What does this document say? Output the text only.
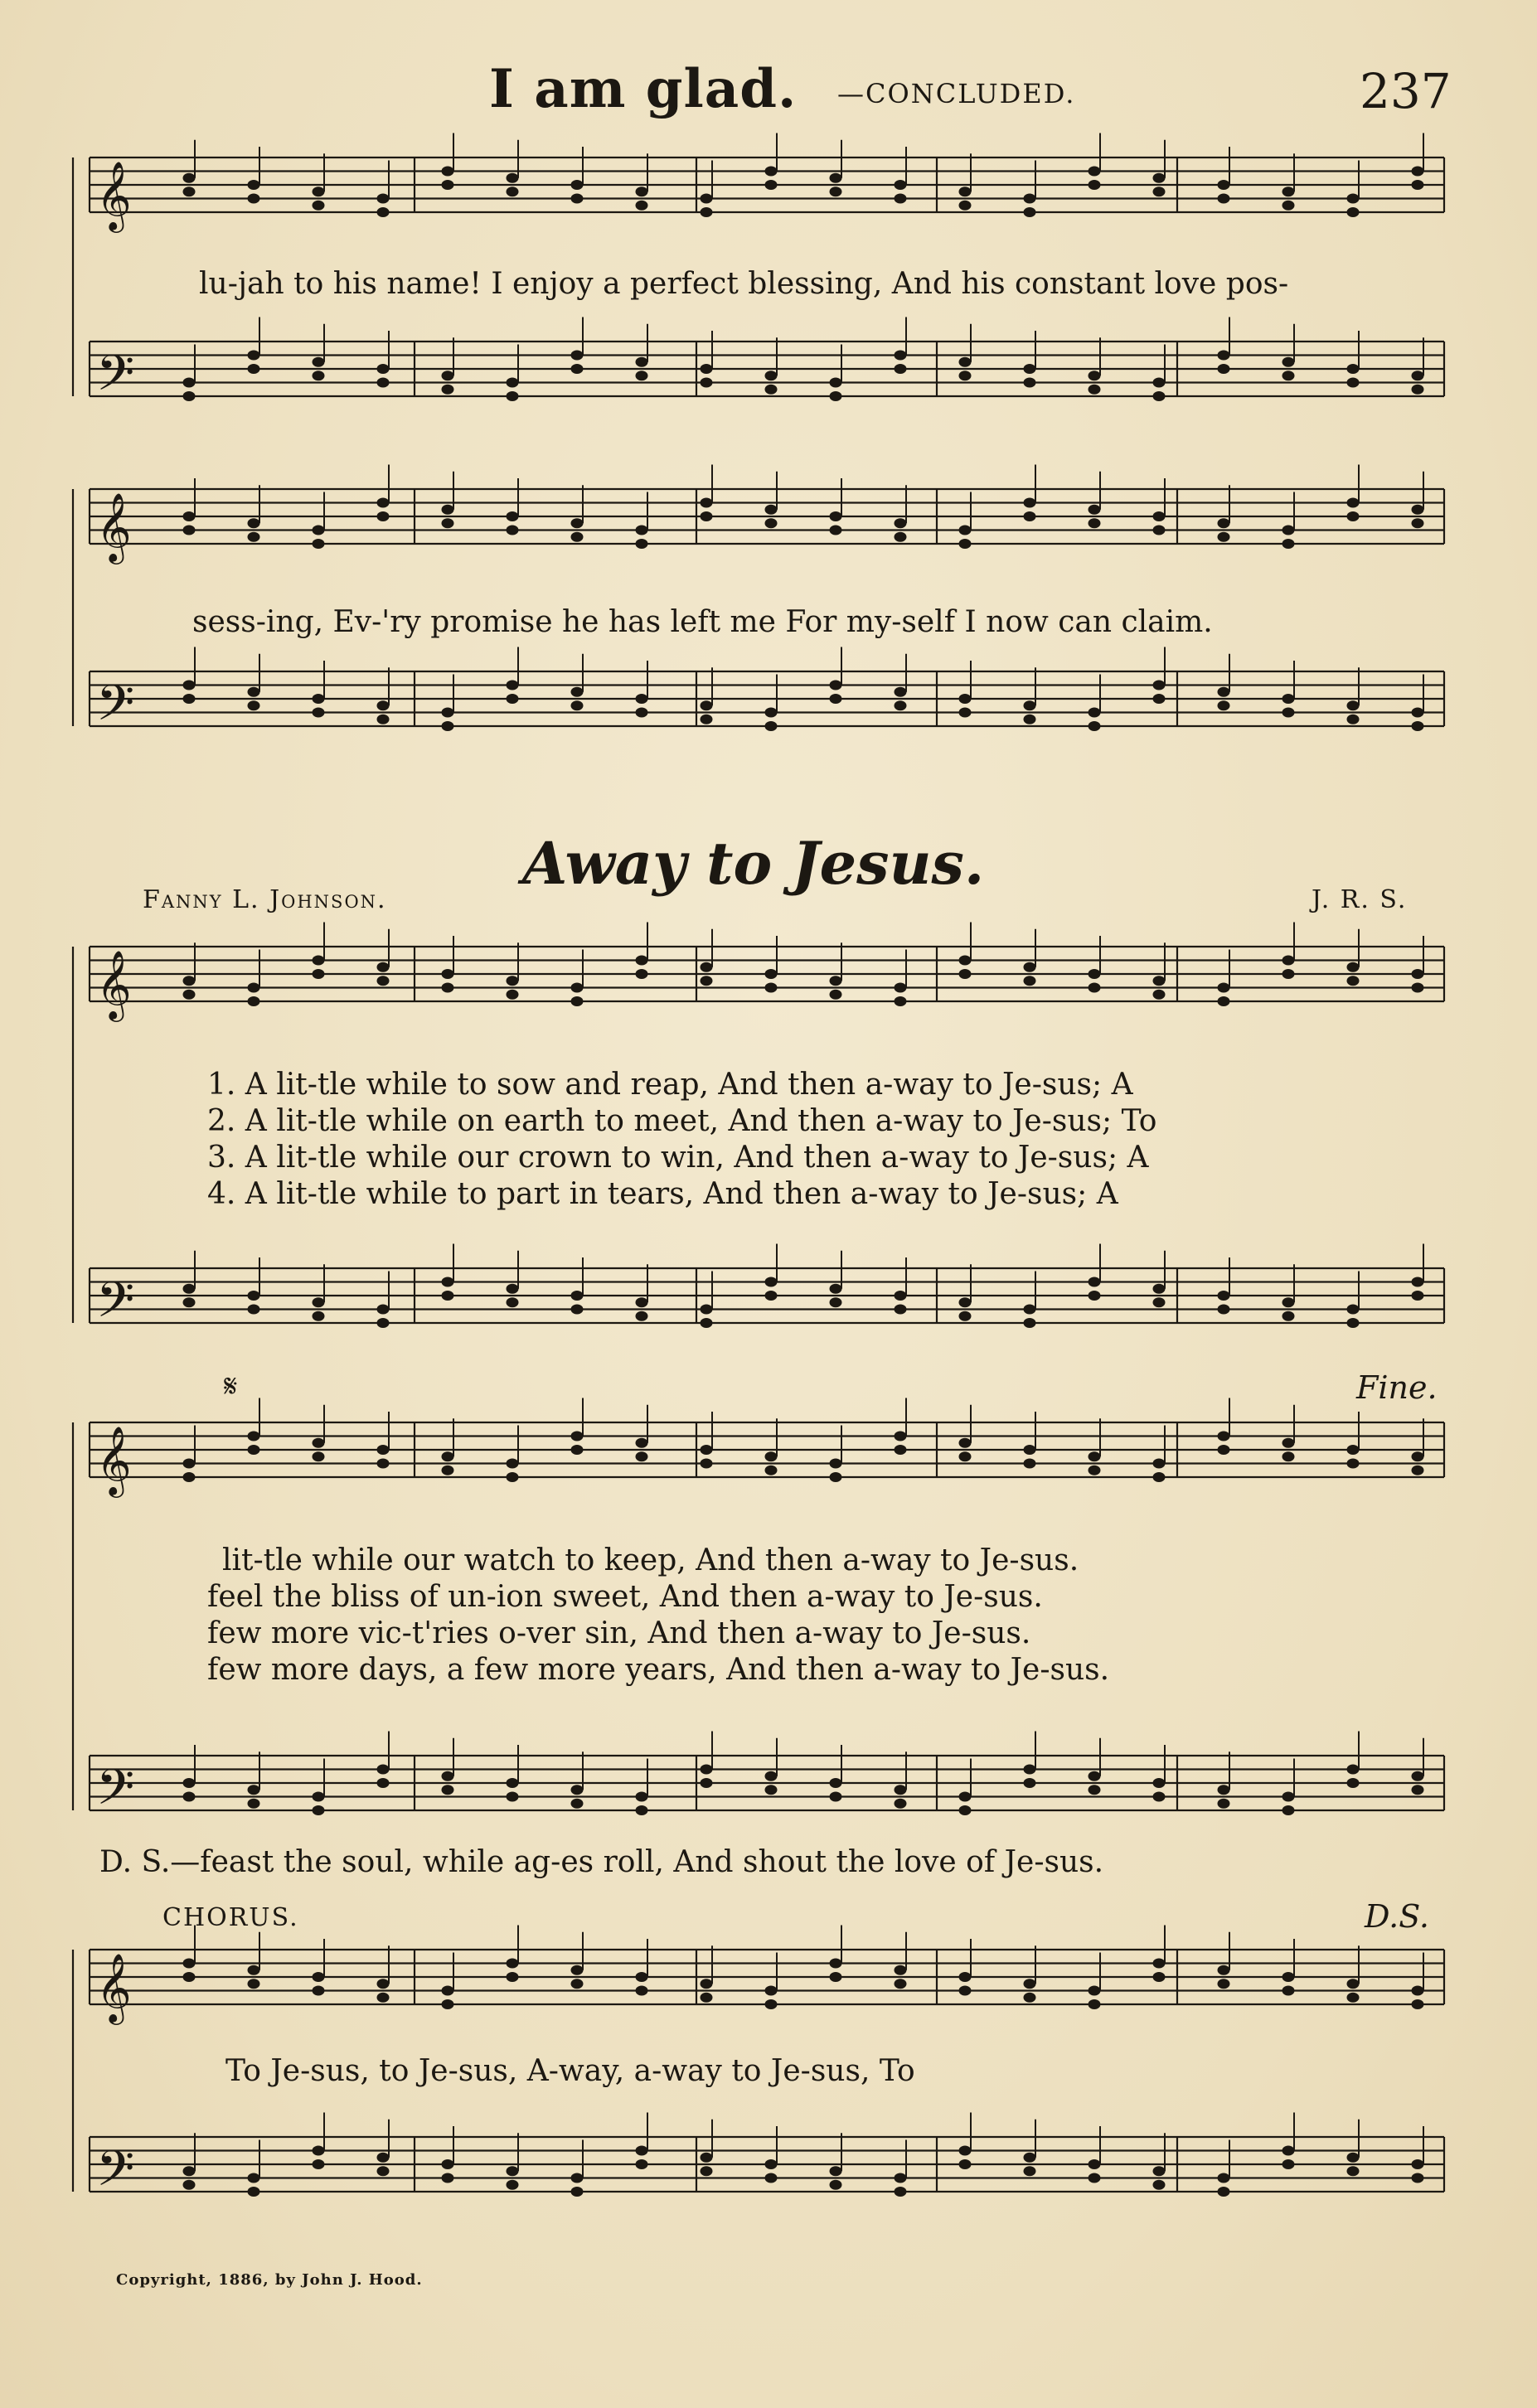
I am glad. —CONCLUDED.	237
𝄞
𝄢
𝄞
𝄢
𝄞
𝄢
𝄞
𝄢
𝄞
𝄢
lu-jah to his name! I enjoy a perfect blessing, And his constant love pos-
sess-ing, Ev-'ry promise he has left me For my-self I now can claim.
Away to Jesus.
Fanny L. Johnson.	J. R. S.
1. A lit-tle while to sow and reap, And then a-way to Je-sus; A
2. A lit-tle while on earth to meet, And then a-way to Je-sus; To
3. A lit-tle while our crown to win, And then a-way to Je-sus; A
4. A lit-tle while to part in tears, And then a-way to Je-sus; A
𝄋	Fine.
lit-tle while our watch to keep, And then a-way to Je-sus.
feel the bliss of un-ion sweet, And then a-way to Je-sus.
few more vic-t'ries o-ver sin, And then a-way to Je-sus.
few more days, a few more years, And then a-way to Je-sus.
D. S.—feast the soul, while ag-es roll, And shout the love of Je-sus.
CHORUS.	D.S.
To Je-sus, to Je-sus, A-way, a-way to Je-sus, To
Copyright, 1886, by John J. Hood.
